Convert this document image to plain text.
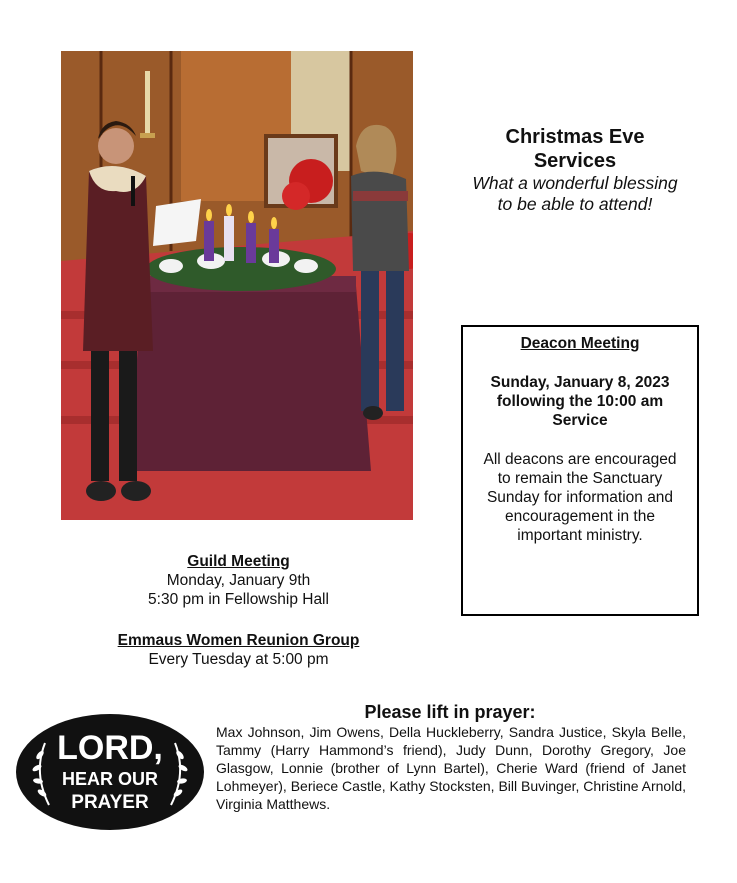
Christmas Eve
Services
What a wonderful blessing
to be able to attend!
Deacon Meeting
Sunday, January 8, 2023
following the 10:00 am
Service
All deacons are encouraged
to remain the Sanctuary
Sunday for information and
encouragement in the
important ministry.
Guild Meeting
Monday, January 9th
5:30 pm in Fellowship Hall
Emmaus Women Reunion Group
Every Tuesday at 5:00 pm
LORD,
HEAR OUR
PRAYER
Please lift in prayer:
Max Johnson, Jim Owens, Della Huckleberry, Sandra Justice, Skyla Belle, Tammy (Harry Hammond’s friend), Judy Dunn, Dorothy Gregory, Joe Glasgow, Lonnie (brother of Lynn Bartel), Cherie Ward (friend of Janet Lohmeyer), Beriece Castle, Kathy Stocksten, Bill Buvinger, Christine Arnold, Virginia Matthews.
